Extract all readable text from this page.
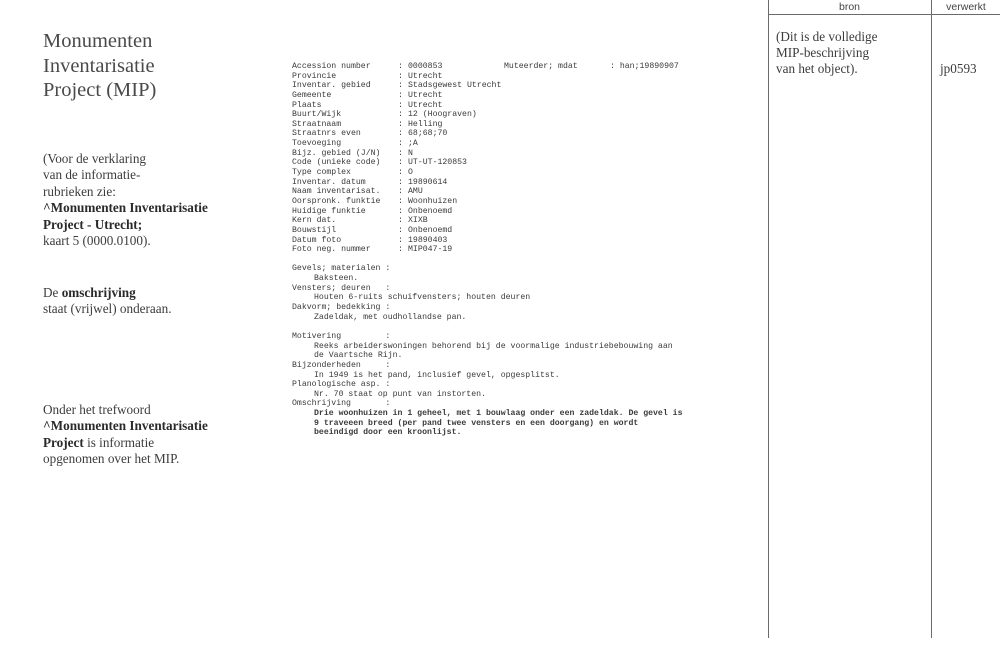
Monumenten
Inventarisatie
Project (MIP)
(Voor de verklaring
van de informatie-
rubrieken zie:
^Monumenten Inventarisatie
Project - Utrecht;
kaart 5 (0000.0100).
De omschrijving
staat (vrijwel) onderaan.
Onder het trefwoord
^Monumenten Inventarisatie
Project is informatie
opgenomen over het MIP.
Accession number	: 0000853	Muteerder; mdat	: han;19890907
Provincie	: Utrecht
Inventar. gebied	: Stadsgewest Utrecht
Gemeente	: Utrecht
Plaats	: Utrecht
Buurt/Wijk	: 12 (Hoograven)
Straatnaam	: Helling
Straatnrs even	: 68;68;70
Toevoeging	: ;A
Bijz. gebied (J/N)	: N
Code (unieke code)	: UT-UT-120853
Type complex	: O
Inventar. datum	: 19890614
Naam inventarisat.	: AMU
Oorspronk. funktie	: Woonhuizen
Huidige funktie	: Onbenoemd
Kern dat.	: XIXB
Bouwstijl	: Onbenoemd
Datum foto	: 19890403
Foto neg. nummer	: MIP047-19
Gevels; materialen :
Baksteen.
Vensters; deuren   :
Houten 6-ruits schuifvensters; houten deuren
Dakvorm; bedekking :
Zadeldak, met oudhollandse pan.
Motivering         :
Reeks arbeiderswoningen behorend bij de voormalige industriebebouwing aan
de Vaartsche Rijn.
Bijzonderheden     :
In 1949 is het pand, inclusief gevel, opgesplitst.
Planologische asp. :
Nr. 70 staat op punt van instorten.
Omschrijving       :
Drie woonhuizen in 1 geheel, met 1 bouwlaag onder een zadeldak. De gevel is
9 traveeen breed (per pand twee vensters en een doorgang) en wordt
beeindigd door een kroonlijst.
bron	verwerkt
(Dit is de volledige
MIP-beschrijving
van het object).	jp0593
